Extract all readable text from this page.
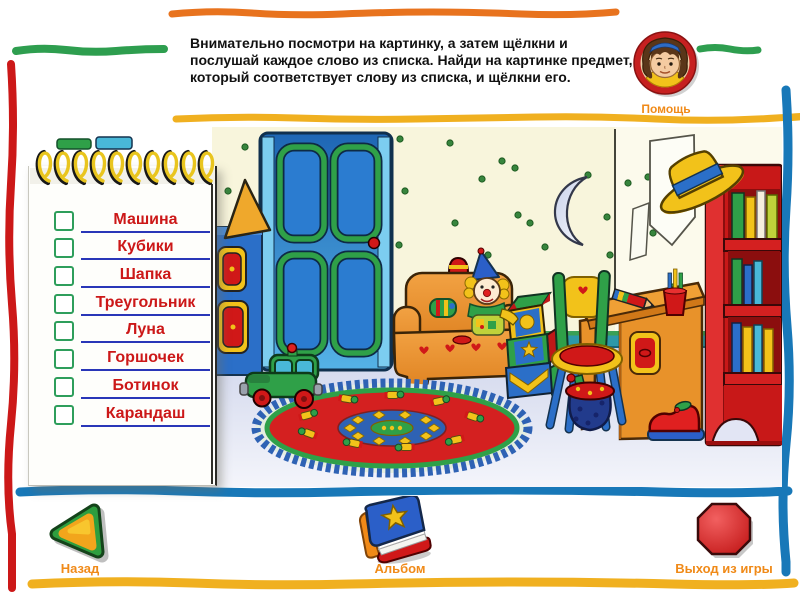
Внимательно посмотри на картинку, а затем щёлкни и послушай каждое слово из списка. Найди на картинке предмет, который соответствует слову из списка, и щёлкни его.
Помощь
Машина
Кубики
Шапка
Треугольник
Луна
Горшочек
Ботинок
Карандаш
Назад	Альбом	Выход из игры
